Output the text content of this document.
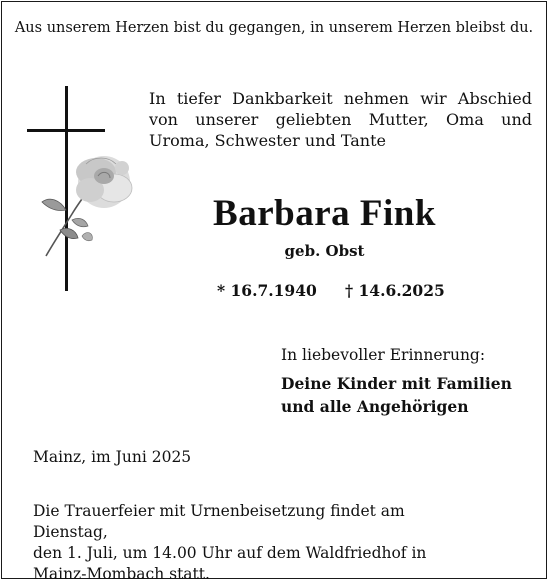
Aus unserem Herzen bist du gegangen, in unserem Herzen bleibst du.
In tiefer Dankbarkeit nehmen wir Abschied von unserer geliebten Mutter, Oma und Uroma, Schwester und Tante
Barbara Fink
geb. Obst
* 16.7.1940 † 14.6.2025
In liebevoller Erinnerung:
Deine Kinder mit Familien
und alle Angehörigen
Mainz, im Juni 2025
Die Trauerfeier mit Urnenbeisetzung findet am Dienstag,
den 1. Juli, um 14.00 Uhr auf dem Waldfriedhof in
Mainz-Mombach statt.
